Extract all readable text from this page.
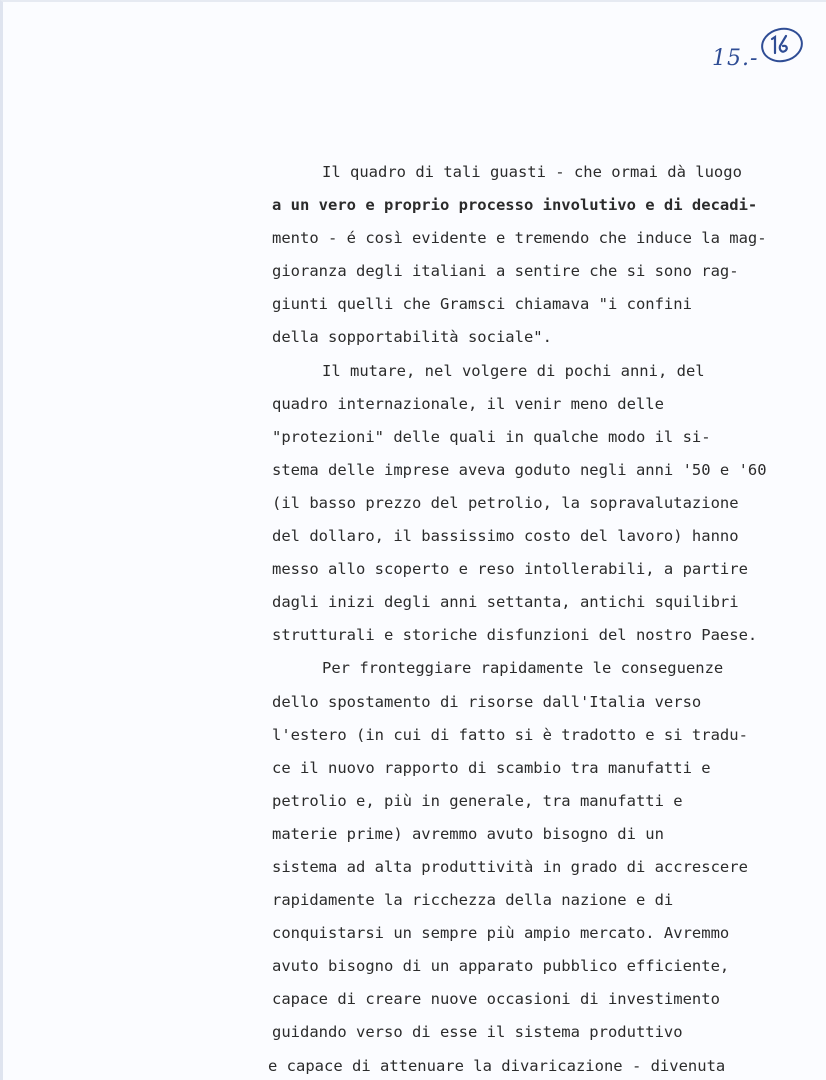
15.-
Il quadro di tali guasti - che ormai dà luogo
a un vero e proprio processo involutivo e di decadi-
mento - é così evidente e tremendo che induce la mag-
gioranza degli italiani a sentire che si sono rag-
giunti quelli che Gramsci chiamava "i confini
della sopportabilità sociale".
Il mutare, nel volgere di pochi anni, del
quadro internazionale, il venir meno delle
"protezioni" delle quali in qualche modo il si-
stema delle imprese aveva goduto negli anni '50 e '60
(il basso prezzo del petrolio, la sopravalutazione
del dollaro, il bassissimo costo del lavoro) hanno
messo allo scoperto e reso intollerabili, a partire
dagli inizi degli anni settanta, antichi squilibri
strutturali e storiche disfunzioni del nostro Paese.
Per fronteggiare rapidamente le conseguenze
dello spostamento di risorse dall'Italia verso
l'estero (in cui di fatto si è tradotto e si tradu-
ce il nuovo rapporto di scambio tra manufatti e
petrolio e, più in generale, tra manufatti e
materie prime) avremmo avuto bisogno di un
sistema ad alta produttività in grado di accrescere
rapidamente la ricchezza della nazione e di
conquistarsi un sempre più ampio mercato. Avremmo
avuto bisogno di un apparato pubblico efficiente,
capace di creare nuove occasioni di investimento
guidando verso di esse il sistema produttivo
e capace di attenuare la divaricazione - divenuta
